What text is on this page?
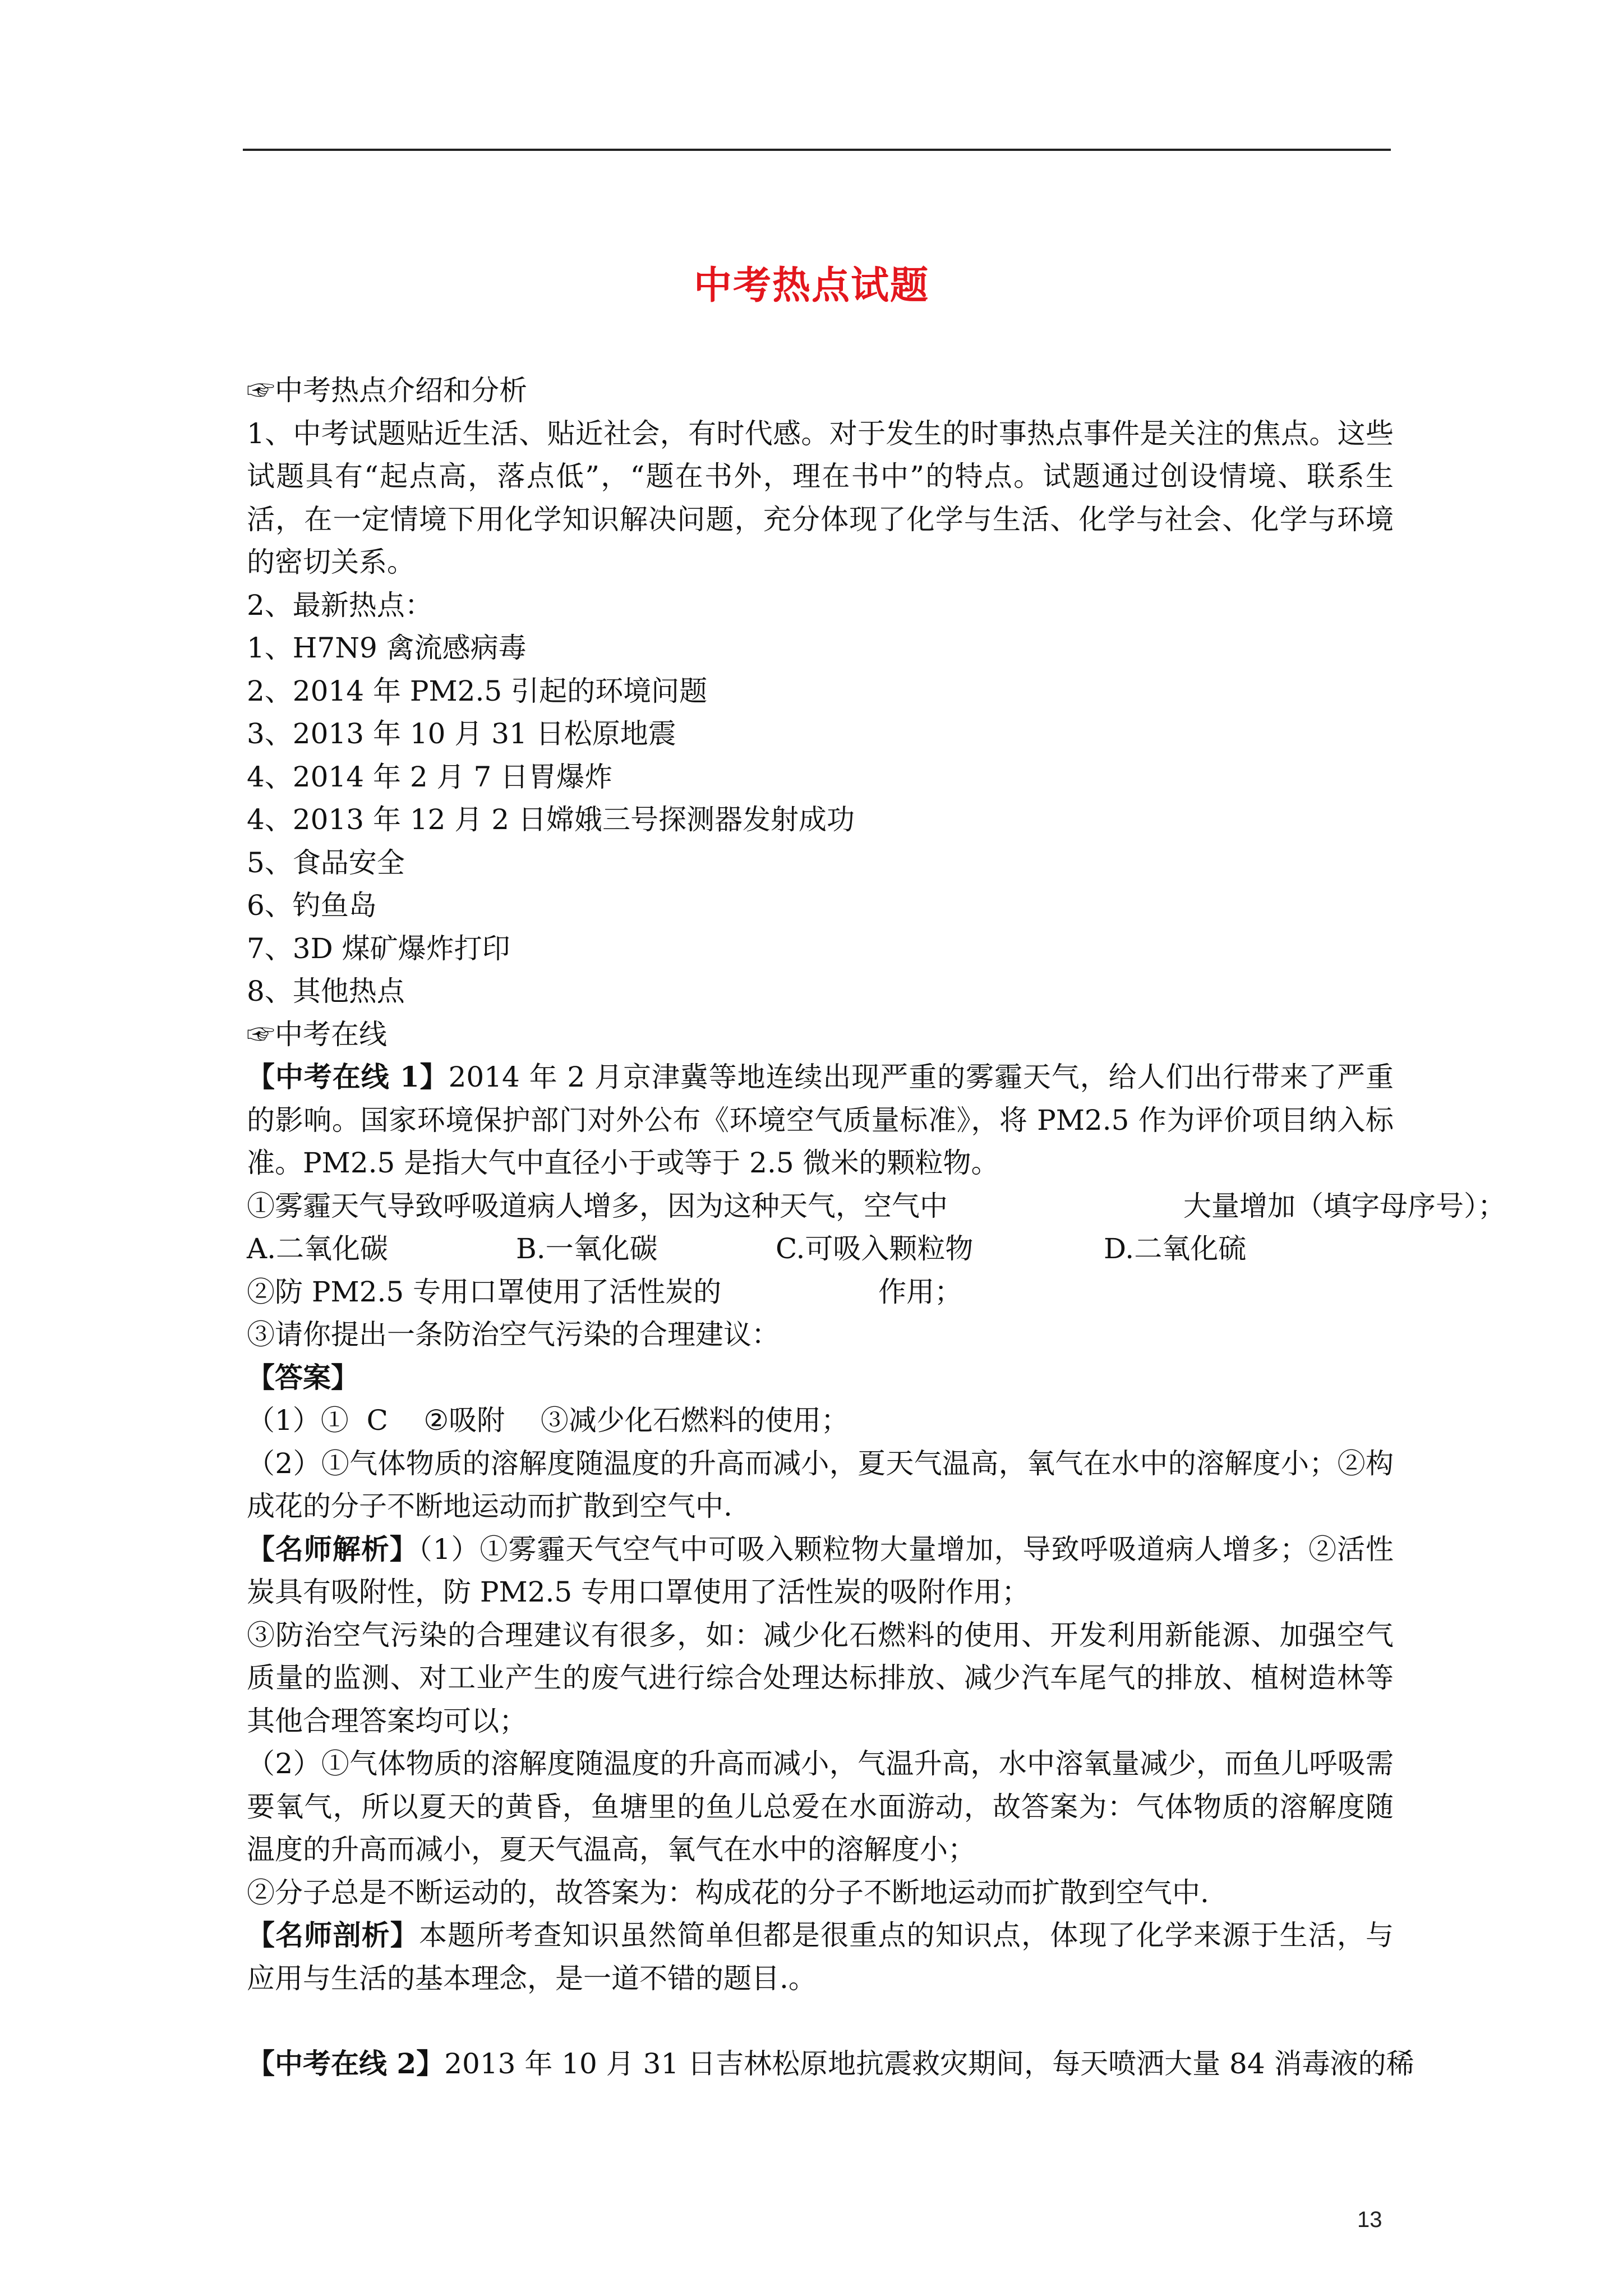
中考热点试题

☞中考热点介绍和分析

1、中考试题贴近生活、贴近社会，有时代感。对于发生的时事热点事件是关注的焦点。这些试题具有“起点高，落点低”，“题在书外，理在书中”的特点。试题通过创设情境、联系生活，在一定情境下用化学知识解决问题，充分体现了化学与生活、化学与社会、化学与环境的密切关系。

2、最新热点：

1、H7N9 禽流感病毒

2、2014 年 PM2.5 引起的环境问题

3、2013 年 10 月 31 日松原地震

4、2014 年 2 月 7 日胃爆炸

4、2013 年 12 月 2 日嫦娥三号探测器发射成功

5、食品安全

6、钓鱼岛

7、3D 煤矿爆炸打印

8、其他热点

☞中考在线

【中考在线 1】2014 年 2 月京津冀等地连续出现严重的雾霾天气，给人们出行带来了严重的影响。国家环境保护部门对外公布《环境空气质量标准》，将 PM2.5 作为评价项目纳入标准。PM2.5 是指大气中直径小于或等于 2.5 微米的颗粒物。

①雾霾天气导致呼吸道病人增多，因为这种天气，空气中	大量增加（填字母序号）；

A.二氧化碳	B.一氧化碳	C.可吸入颗粒物	D.二氧化硫

②防 PM2.5 专用口罩使用了活性炭的	作用；

③请你提出一条防治空气污染的合理建议：

【答案】

（1）①  C    ②吸附    ③减少化石燃料的使用；

（2）①气体物质的溶解度随温度的升高而减小，夏天气温高，氧气在水中的溶解度小；②构成花的分子不断地运动而扩散到空气中.

【名师解析】（1）①雾霾天气空气中可吸入颗粒物大量增加，导致呼吸道病人增多；②活性炭具有吸附性，防 PM2.5 专用口罩使用了活性炭的吸附作用；

③防治空气污染的合理建议有很多，如：减少化石燃料的使用、开发利用新能源、加强空气质量的监测、对工业产生的废气进行综合处理达标排放、减少汽车尾气的排放、植树造林等其他合理答案均可以；

（2）①气体物质的溶解度随温度的升高而减小，气温升高，水中溶氧量减少，而鱼儿呼吸需要氧气，所以夏天的黄昏，鱼塘里的鱼儿总爱在水面游动，故答案为：气体物质的溶解度随温度的升高而减小，夏天气温高，氧气在水中的溶解度小；

②分子总是不断运动的，故答案为：构成花的分子不断地运动而扩散到空气中.

【名师剖析】本题所考查知识虽然简单但都是很重点的知识点，体现了化学来源于生活，与应用与生活的基本理念，是一道不错的题目.。

【中考在线 2】2013 年 10 月 31 日吉林松原地抗震救灾期间，每天喷洒大量 84 消毒液的稀

13
